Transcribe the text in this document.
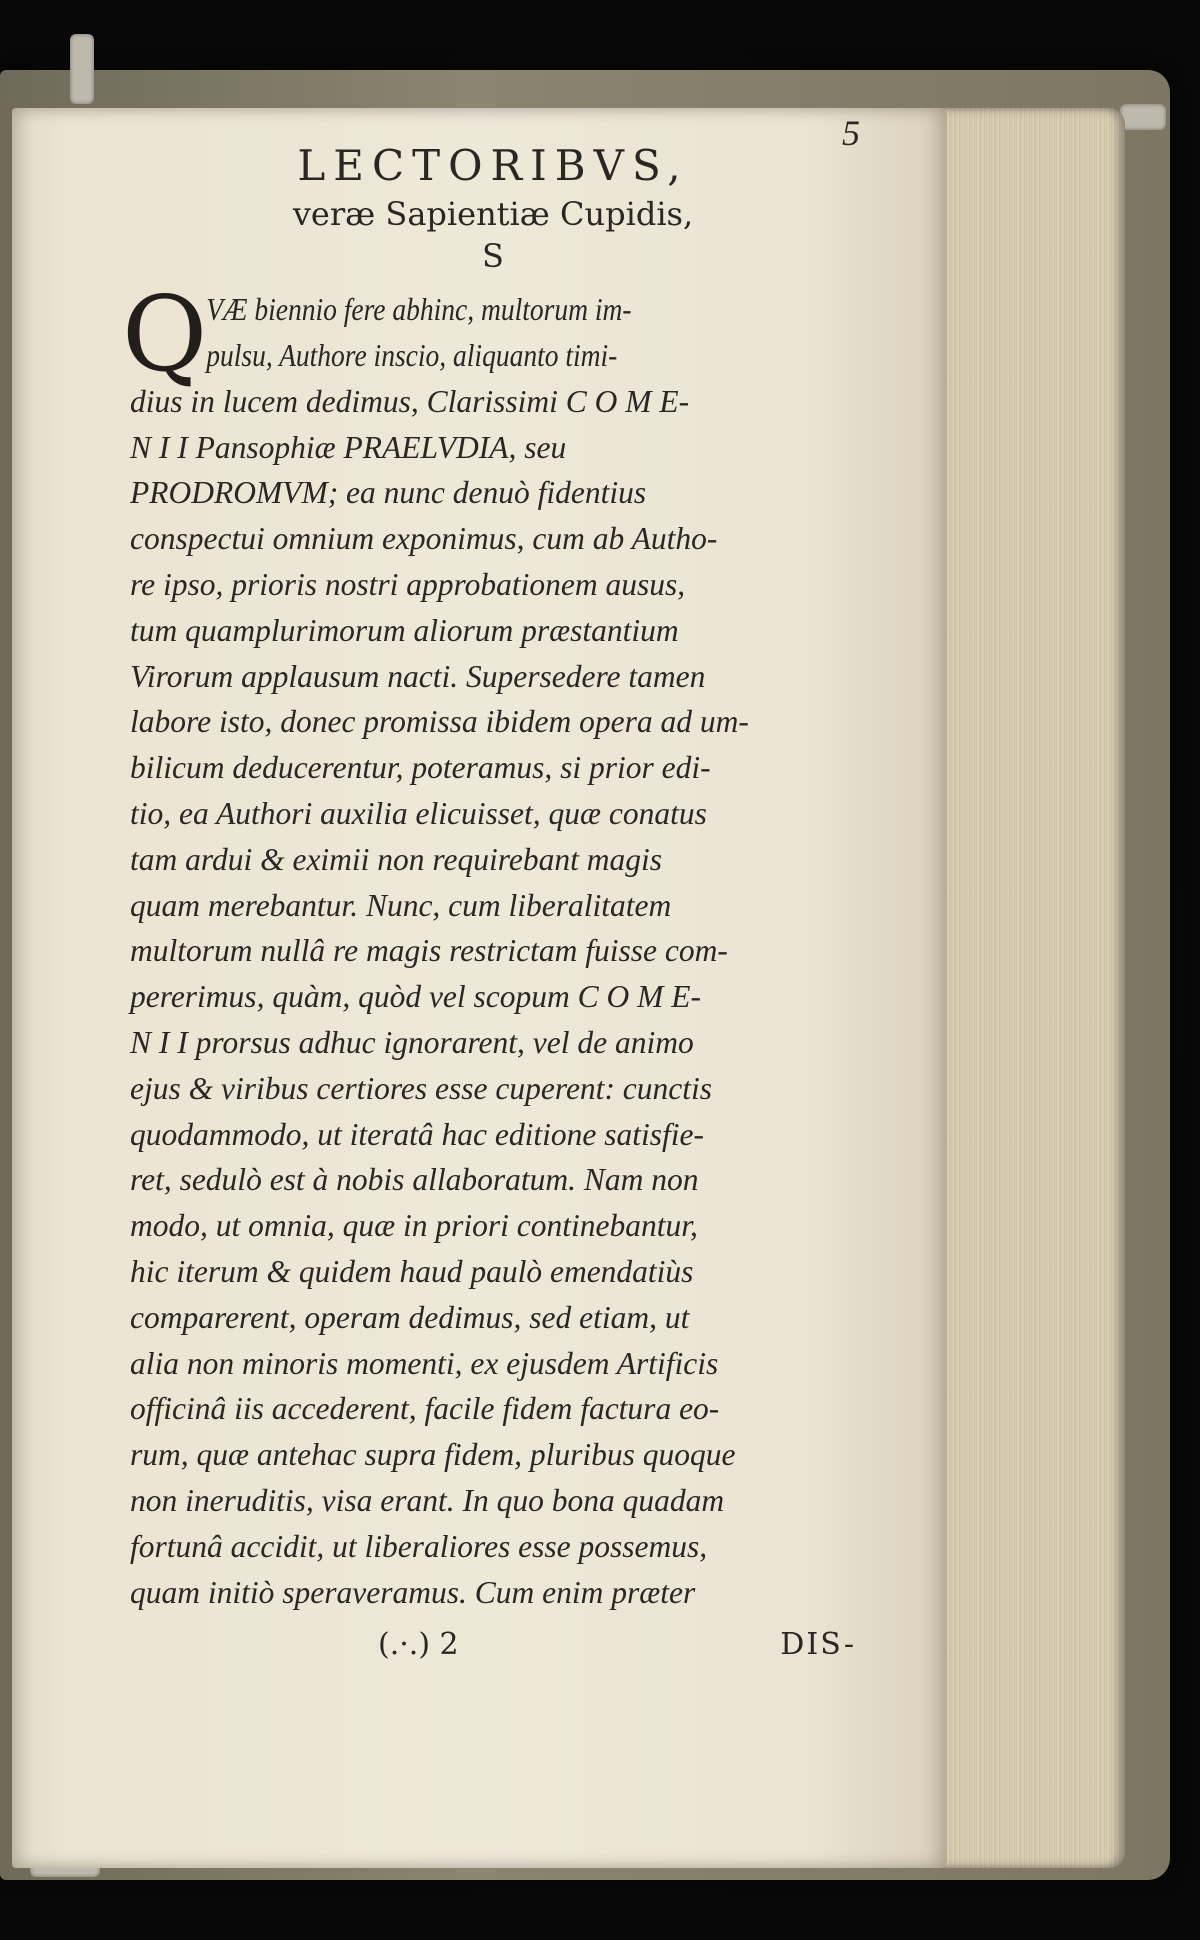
5

LECTORIBVS,

veræ Sapientiæ Cupidis,

S

Q
VÆ biennio fere abhinc, multorum im-
pulsu, Authore inscio, aliquanto timi-
dius in lucem dedimus, Clarissimi C O M E-
N I I Pansophiæ PRAELVDIA, seu
PRODROMVM; ea nunc denuò fidentius
conspectui omnium exponimus, cum ab Autho-
re ipso, prioris nostri approbationem ausus,
tum quamplurimorum aliorum præstantium
Virorum applausum nacti. Supersedere tamen
labore isto, donec promissa ibidem opera ad um-
bilicum deducerentur, poteramus, si prior edi-
tio, ea Authori auxilia elicuisset, quæ conatus
tam ardui & eximii non requirebant magis
quam merebantur. Nunc, cum liberalitatem
multorum nullâ re magis restrictam fuisse com-
pererimus, quàm, quòd vel scopum C O M E-
N I I prorsus adhuc ignorarent, vel de animo
ejus & viribus certiores esse cuperent: cunctis
quodammodo, ut iteratâ hac editione satisfie-
ret, sedulò est à nobis allaboratum. Nam non
modo, ut omnia, quæ in priori continebantur,
hic iterum & quidem haud paulò emendatiùs
comparerent, operam dedimus, sed etiam, ut
alia non minoris momenti, ex ejusdem Artificis
officinâ iis accederent, facile fidem factura eo-
rum, quæ antehac supra fidem, pluribus quoque
non ineruditis, visa erant. In quo bona quadam
fortunâ accidit, ut liberaliores esse possemus,
quam initiò speraveramus. Cum enim præter
(.·.) 2	DIS-
